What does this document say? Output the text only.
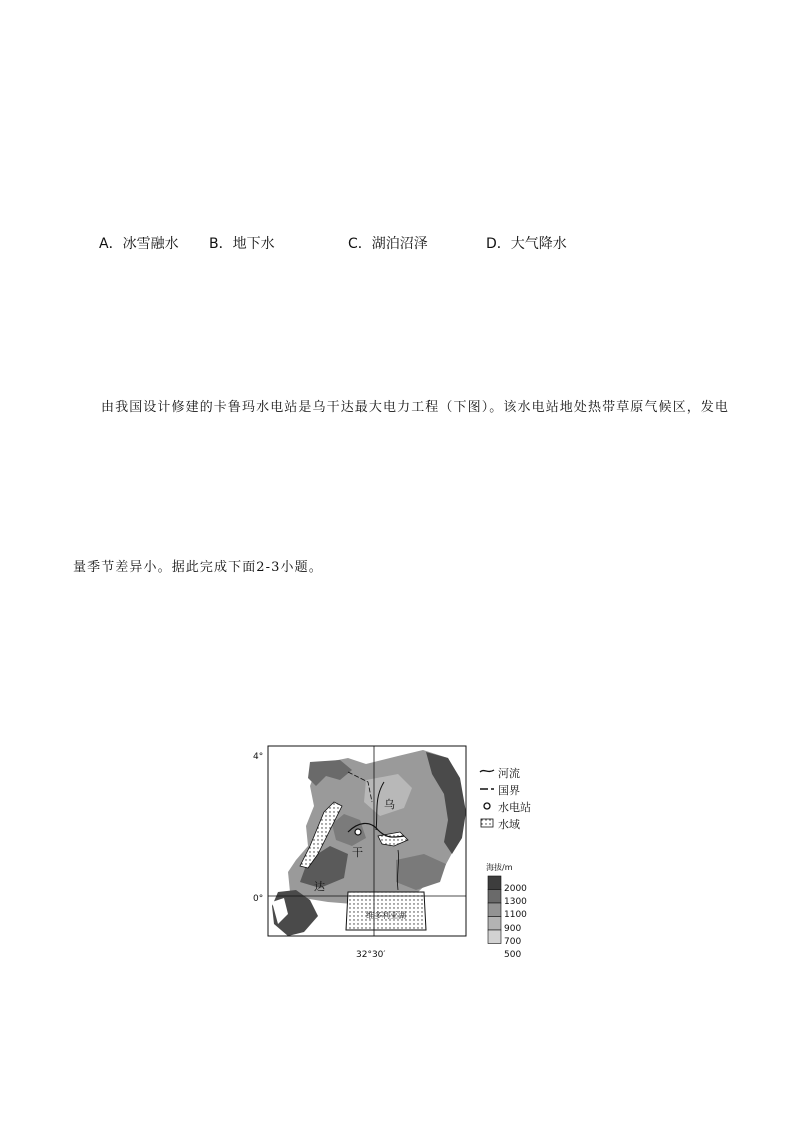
A．冰雪融水 B．地下水	C．湖泊沼泽	D．大气降水
由我国设计修建的卡鲁玛水电站是乌干达最大电力工程（下图）。该水电站地处热带草原气候区，发电
量季节差异小。据此完成下面2-3小题。
4°
0°
32°30′
乌
干
达
维多利亚湖
河流
国界
水电站
水域
海拔/m
2000
1300
1100
900
700
500
